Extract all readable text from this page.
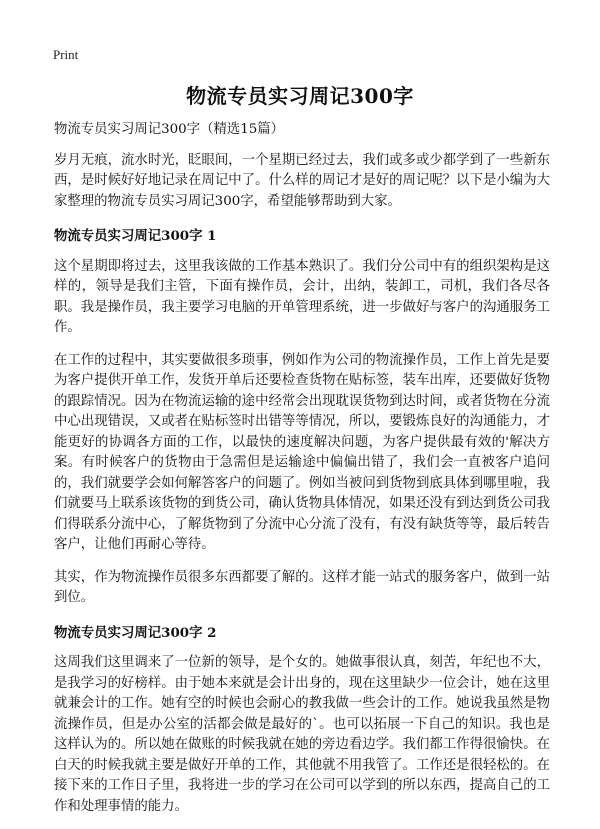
Print
物流专员实习周记300字

物流专员实习周记300字（精选15篇）

岁月无痕，流水时光，眨眼间，一个星期已经过去，我们或多或少都学到了一些新东西，是时候好好地记录在周记中了。什么样的周记才是好的周记呢？以下是小编为大家整理的物流专员实习周记300字，希望能够帮助到大家。

物流专员实习周记300字 1

这个星期即将过去，这里我该做的工作基本熟识了。我们分公司中有的组织架构是这样的，领导是我们主管，下面有操作员，会计，出纳，装卸工，司机，我们各尽各职。我是操作员，我主要学习电脑的开单管理系统，进一步做好与客户的沟通服务工作。

在工作的过程中，其实要做很多琐事，例如作为公司的物流操作员，工作上首先是要为客户提供开单工作，发货开单后还要检查货物在贴标签，装车出库，还要做好货物的跟踪情况。因为在物流运输的途中经常会出现耽误货物到达时间，或者货物在分流中心出现错误，又或者在贴标签时出错等等情况，所以，要锻炼良好的沟通能力，才能更好的协调各方面的工作，以最快的速度解决问题，为客户提供最有效的'解决方案。有时候客户的货物由于急需但是运输途中偏偏出错了，我们会一直被客户追问的，我们就要学会如何解答客户的问题了。例如当被问到货物到底具体到哪里啦，我们就要马上联系该货物的到货公司，确认货物具体情况，如果还没有到达到货公司我们得联系分流中心，了解货物到了分流中心分流了没有，有没有缺货等等，最后转告客户，让他们再耐心等待。

其实，作为物流操作员很多东西都要了解的。这样才能一站式的服务客户，做到一站到位。

物流专员实习周记300字 2

这周我们这里调来了一位新的领导，是个女的。她做事很认真，刻苦，年纪也不大，是我学习的好榜样。由于她本来就是会计出身的，现在这里缺少一位会计，她在这里就兼会计的工作。她有空的时候也会耐心的教我做一些会计的工作。她说我虽然是物流操作员，但是办公室的活都会做是最好的`。也可以拓展一下自己的知识。我也是这样认为的。所以她在做账的时候我就在她的旁边看边学。我们都工作得很愉快。在白天的时候我就主要是做好开单的工作，其他就不用我管了。工作还是很轻松的。在接下来的工作日子里，我将进一步的学习在公司可以学到的所以东西，提高自己的工作和处理事情的能力。
